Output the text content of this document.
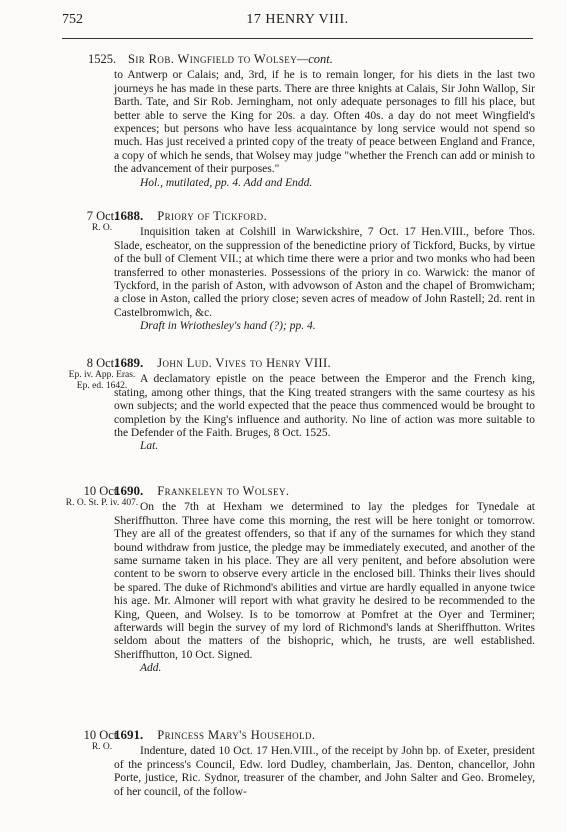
752	17 HENRY VIII.
1525. Sir Rob. Wingfield to Wolsey—cont.

to Antwerp or Calais; and, 3rd, if he is to remain longer, for his diets in the last two journeys he has made in these parts. There are three knights at Calais, Sir John Wallop, Sir Barth. Tate, and Sir Rob. Jerningham, not only adequate personages to fill his place, but better able to serve the King for 20s. a day. Often 40s. a day do not meet Wingfield's expences; but persons who have less acquaintance by long service would not spend so much. Has just received a printed copy of the treaty of peace between England and France, a copy of which he sends, that Wolsey may judge "whether the French can add or minish to the advancement of their purposes."

Hol., mutilated, pp. 4. Add and Endd.

7 Oct.
R. O.
1688. Priory of Tickford.

Inquisition taken at Colshill in Warwickshire, 7 Oct. 17 Hen.VIII., before Thos. Slade, escheator, on the suppression of the benedictine priory of Tickford, Bucks, by virtue of the bull of Clement VII.; at which time there were a prior and two monks who had been transferred to other monasteries. Possessions of the priory in co. Warwick: the manor of Tyckford, in the parish of Aston, with advowson of Aston and the chapel of Bromwicham; a close in Aston, called the priory close; seven acres of meadow of John Rastell; 2d. rent in Castelbromwich, &c.

Draft in Wriothesley's hand (?); pp. 4.

8 Oct.
Ep. iv. App. Eras. Ep. ed. 1642.
1689. John Lud. Vives to Henry VIII.

A declamatory epistle on the peace between the Emperor and the French king, stating, among other things, that the King treated strangers with the same courtesy as his own subjects; and the world expected that the peace thus commenced would be brought to completion by the King's influence and authority. No line of action was more suitable to the Defender of the Faith. Bruges, 8 Oct. 1525.

Lat.

10 Oct.
R. O. St. P. iv. 407.
1690. Frankeleyn to Wolsey.

On the 7th at Hexham we determined to lay the pledges for Tynedale at Sheriffhutton. Three have come this morning, the rest will be here tonight or tomorrow. They are all of the greatest offenders, so that if any of the surnames for which they stand bound withdraw from justice, the pledge may be immediately executed, and another of the same surname taken in his place. They are all very penitent, and before absolution were content to be sworn to observe every article in the enclosed bill. Thinks their lives should be spared. The duke of Richmond's abilities and virtue are hardly equalled in anyone twice his age. Mr. Almoner will report with what gravity he desired to be recommended to the King, Queen, and Wolsey. Is to be tomorrow at Pomfret at the Oyer and Terminer; afterwards will begin the survey of my lord of Richmond's lands at Sheriffhutton. Writes seldom about the matters of the bishopric, which, he trusts, are well established. Sheriffhutton, 10 Oct. Signed.

Add.

10 Oct.
R. O.
1691. Princess Mary's Household.

Indenture, dated 10 Oct. 17 Hen.VIII., of the receipt by John bp. of Exeter, president of the princess's Council, Edw. lord Dudley, chamberlain, Jas. Denton, chancellor, John Porte, justice, Ric. Sydnor, treasurer of the chamber, and John Salter and Geo. Bromeley, of her council, of the follow-
